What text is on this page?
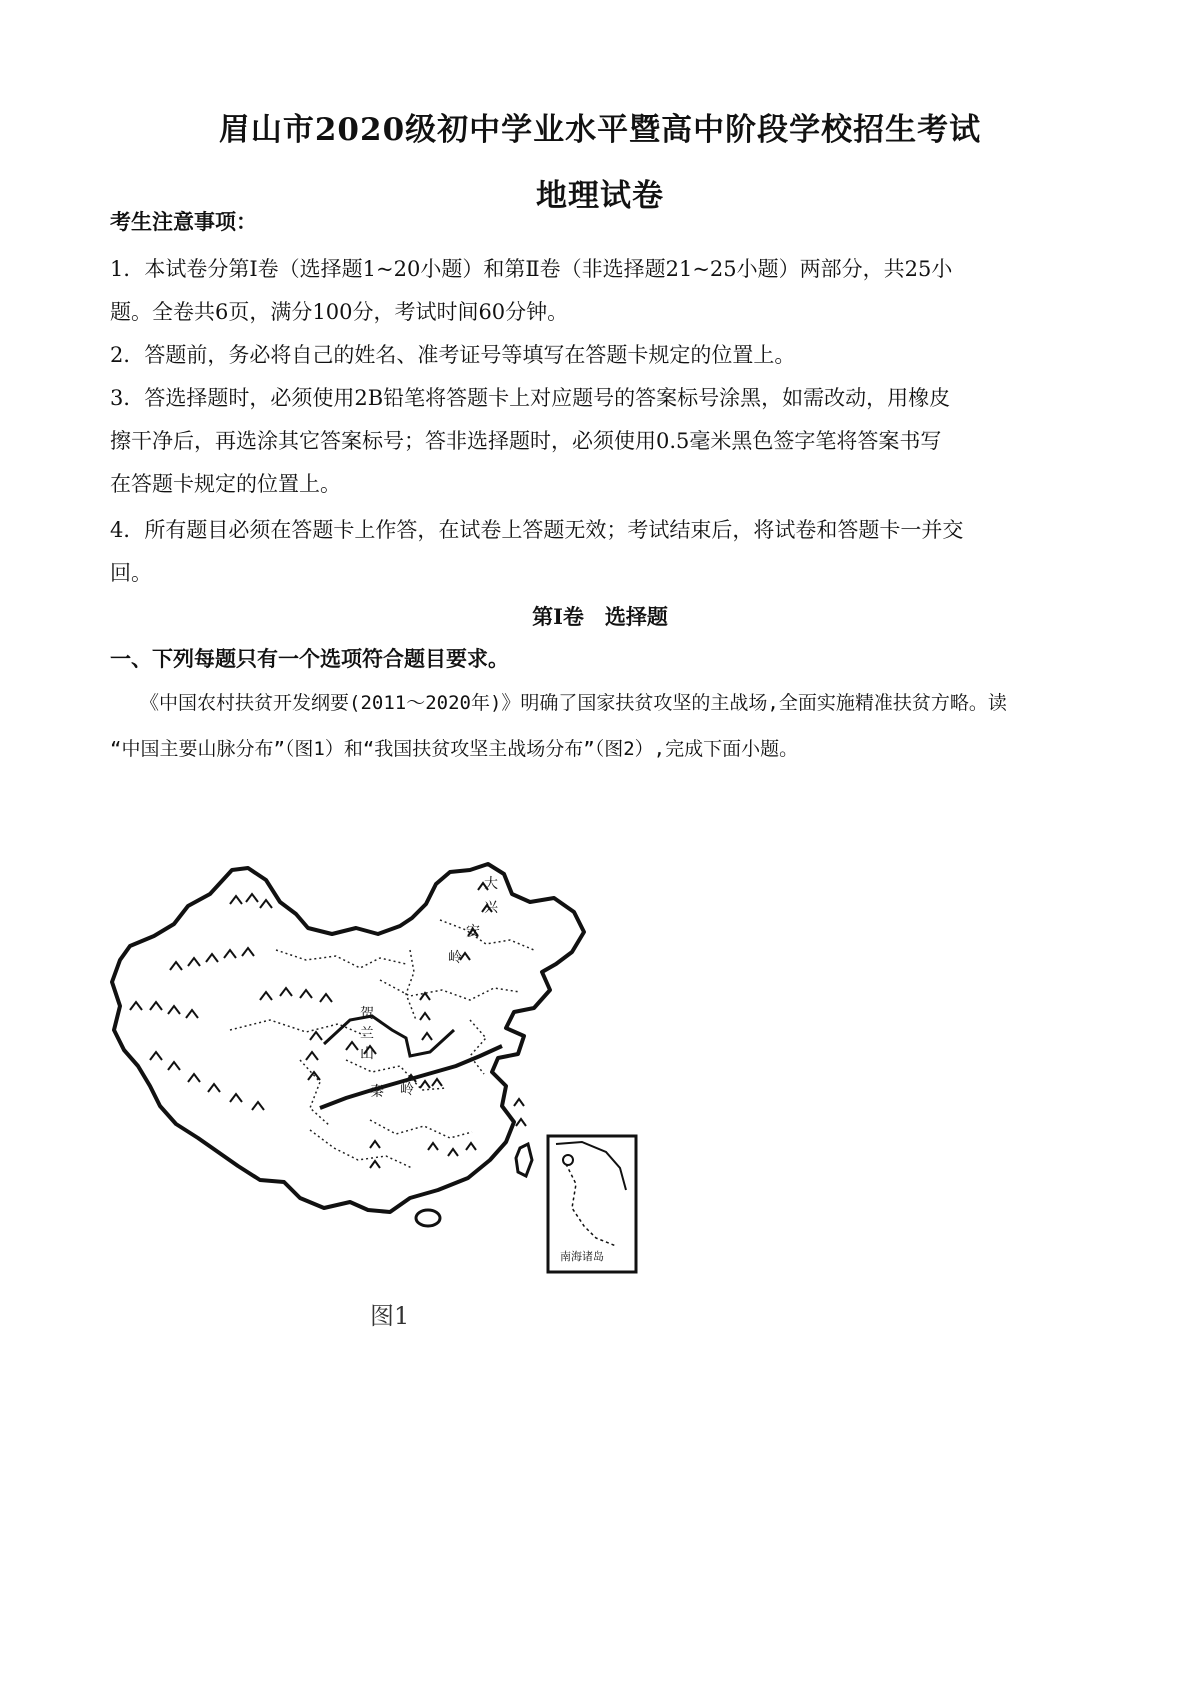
眉山市2020级初中学业水平暨高中阶段学校招生考试
地理试卷
考生注意事项：
1．本试卷分第Ⅰ卷（选择题1~20小题）和第Ⅱ卷（非选择题21~25小题）两部分，共25小
题。全卷共6页，满分100分，考试时间60分钟。
2．答题前，务必将自己的姓名、准考证号等填写在答题卡规定的位置上。
3．答选择题时，必须使用2B铅笔将答题卡上对应题号的答案标号涂黑，如需改动，用橡皮
擦干净后，再选涂其它答案标号；答非选择题时，必须使用0.5毫米黑色签字笔将答案书写
在答题卡规定的位置上。
4．所有题目必须在答题卡上作答，在试卷上答题无效；考试结束后，将试卷和答题卡一并交
回。
第Ⅰ卷　选择题
一、下列每题只有一个选项符合题目要求。
《中国农村扶贫开发纲要(2011～2020年)》明确了国家扶贫攻坚的主战场,全面实施精准扶贫方略。读
“中国主要山脉分布”（图1）和“我国扶贫攻坚主战场分布”（图2）,完成下面小题。
大
兴
安
岭
贺
兰
山
秦 岭
南海诸岛
图1
